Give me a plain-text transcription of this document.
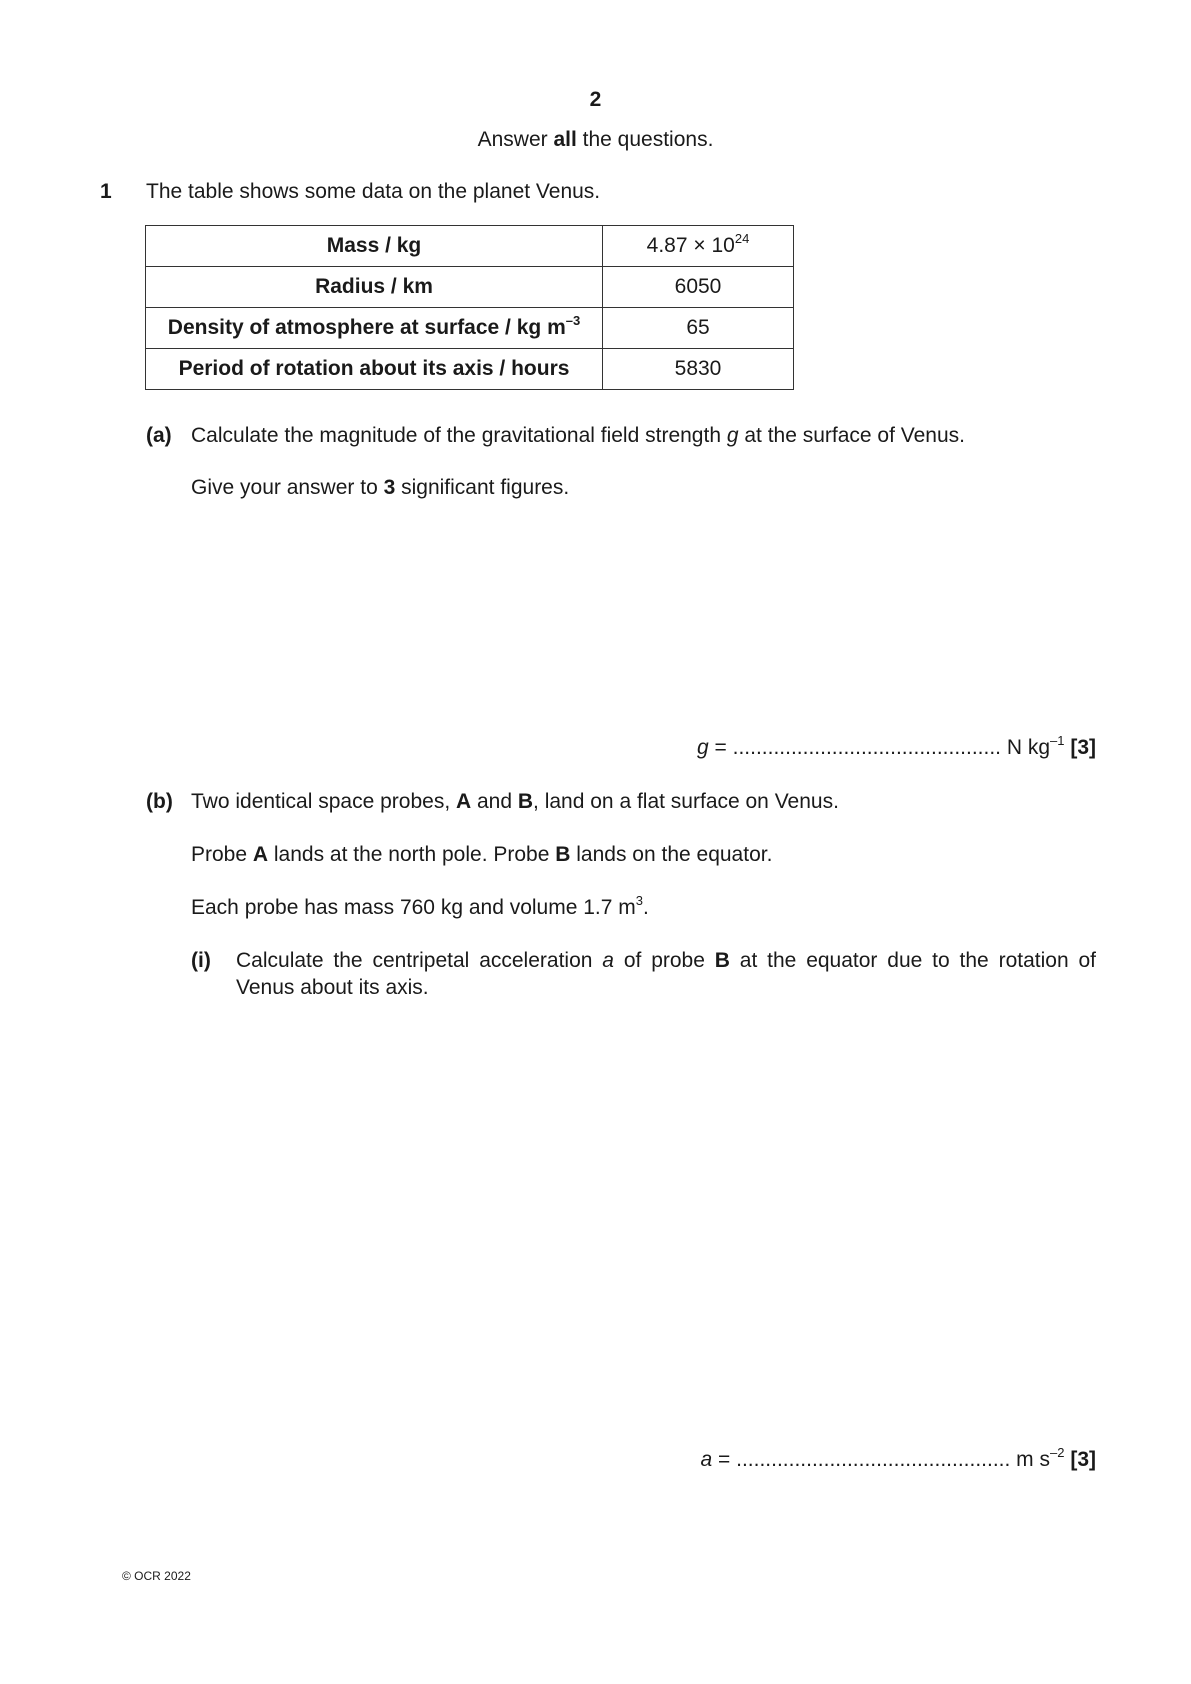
2
Answer all the questions.
1 The table shows some data on the planet Venus.
Mass / kg	$4.87 \times 10^{24}$
Radius / km	6050
Density of atmosphere at surface / kg $m^{-3}$	65
Period of rotation about its axis / hours	5830
(a) Calculate the magnitude of the gravitational field strength g at the surface of Venus.
Give your answer to 3 significant figures.
g = .............................................. N $kg^{-1}$ [3]
(b) Two identical space probes, A and B, land on a flat surface on Venus.
Probe A lands at the north pole. Probe B lands on the equator.
Each probe has mass 760 kg and volume 1.7 $m^3$.
(i) Calculate the centripetal acceleration a of probe B at the equator due to the rotation of
Venus about its axis.
a = ............................................... m $s^{-2}$ [3]
© OCR 2022
